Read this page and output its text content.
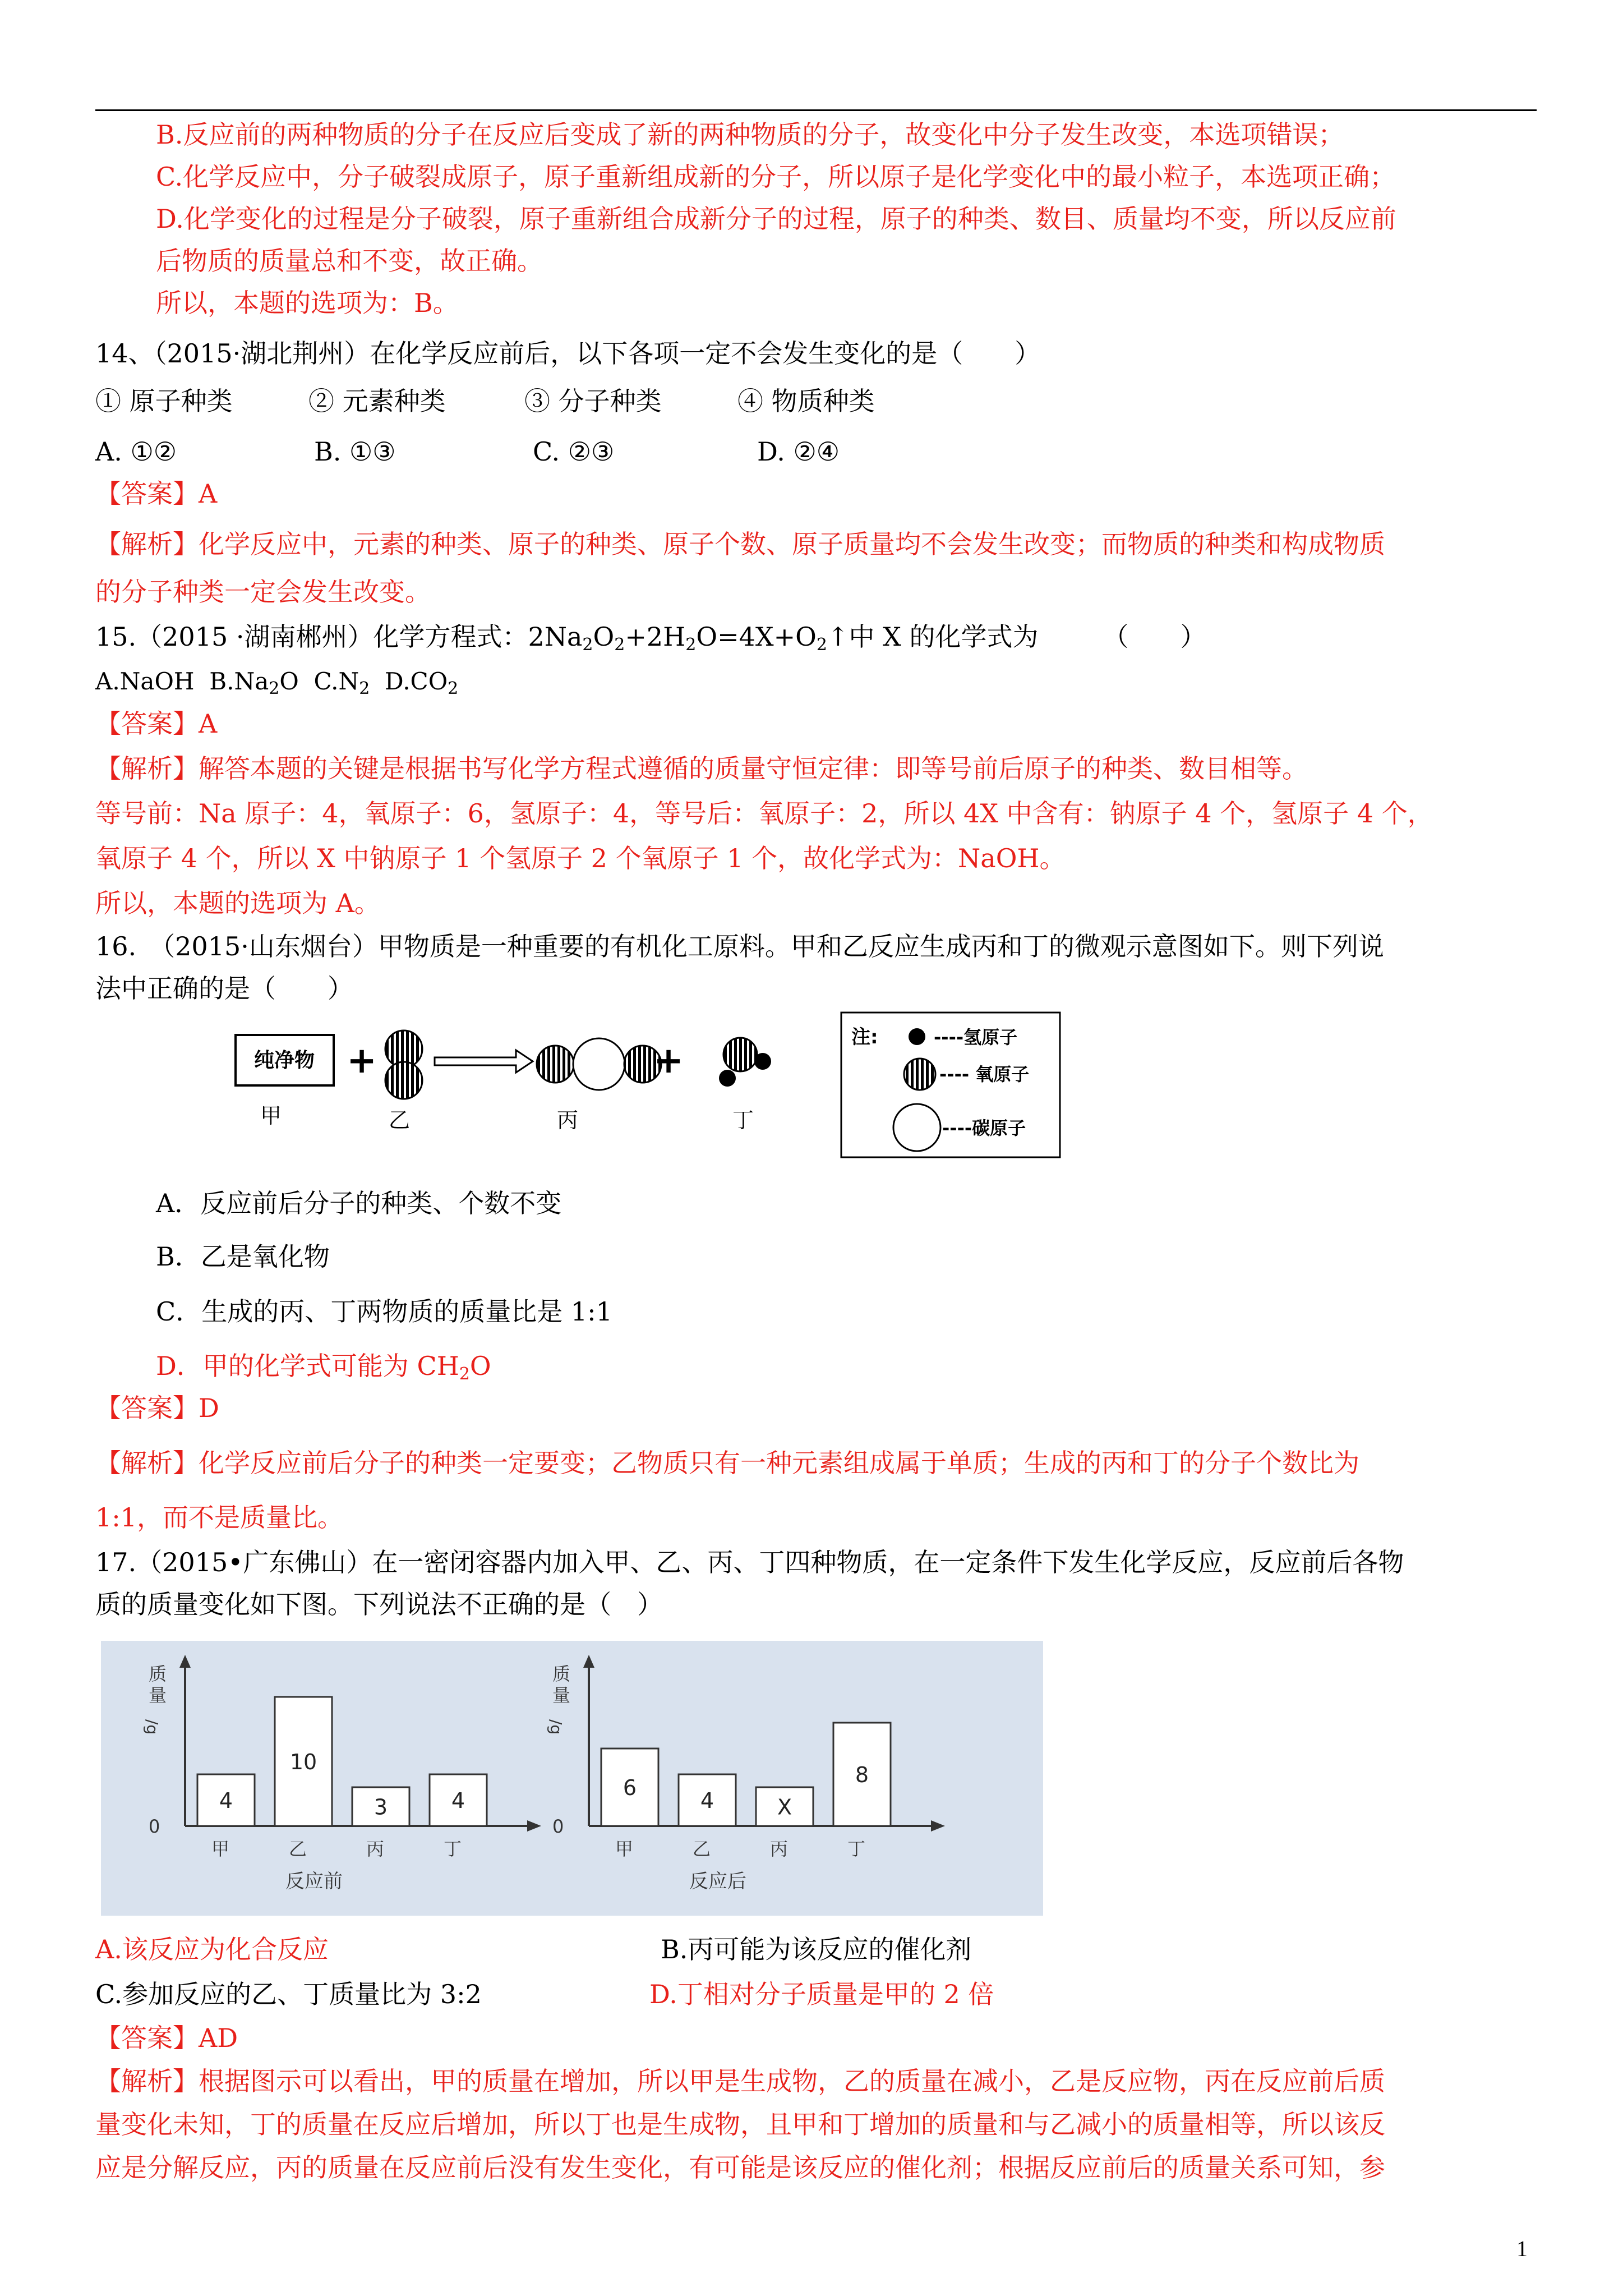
B.反应前的两种物质的分子在反应后变成了新的两种物质的分子，故变化中分子发生改变，本选项错误；
C.化学反应中，分子破裂成原子，原子重新组成新的分子，所以原子是化学变化中的最小粒子，本选项正确；
D.化学变化的过程是分子破裂，原子重新组合成新分子的过程，原子的种类、数目、质量均不变，所以反应前
后物质的质量总和不变，故正确。
所以，本题的选项为：B。
14、（2015·湖北荆州）在化学反应前后，以下各项一定不会发生变化的是（　　）
① 原子种类	② 元素种类	③ 分子种类	④ 物质种类
A. ①②	B. ①③	C. ②③	D. ②④
【答案】A
【解析】化学反应中，元素的种类、原子的种类、原子个数、原子质量均不会发生改变；而物质的种类和构成物质
的分子种类一定会发生改变。
15.（2015 ·湖南郴州）化学方程式：$2Na_2O_2+2H_2O=4X+O_2↑$中 X 的化学式为　　　（　　）
A.NaOH $B.Na_2O$ $C.N_2$ $D.CO_2$
【答案】A
【解析】解答本题的关键是根据书写化学方程式遵循的质量守恒定律：即等号前后原子的种类、数目相等。
等号前：Na 原子：4，氧原子：6，氢原子：4，等号后：氧原子：2，所以 4X 中含有：钠原子 4 个，氢原子 4 个，
氧原子 4 个，所以 X 中钠原子 1 个氢原子 2 个氧原子 1 个，故化学式为：NaOH。
所以，本题的选项为 A。
16.　（2015·山东烟台）甲物质是一种重要的有机化工原料。甲和乙反应生成丙和丁的微观示意图如下。则下列说
法中正确的是（　　）
纯净物 +	+
甲	乙	丙	丁
注:	----氢原子
---- 氧原子
----碳原子
A．反应前后分子的种类、个数不变
B．乙是氧化物
C．生成的丙、丁两物质的质量比是 1:1
D．甲的化学式可能为 $CH_2O$
【答案】D
【解析】化学反应前后分子的种类一定要变；乙物质只有一种元素组成属于单质；生成的丙和丁的分子个数比为
1:1，而不是质量比。
17.（2015•广东佛山）在一密闭容器内加入甲、乙、丙、丁四种物质，在一定条件下发生化学反应，反应前后各物
质的质量变化如下图。下列说法不正确的是（　）
质
量
/g
0
4
甲
10
乙
3
丙
4
丁
反应前
质
量
/g
0
6
甲
4
乙
X
丙
8
丁
反应后
A.该反应为化合反应	B.丙可能为该反应的催化剂
C.参加反应的乙、丁质量比为 3:2	D.丁相对分子质量是甲的 2 倍
【答案】AD
【解析】根据图示可以看出，甲的质量在增加，所以甲是生成物，乙的质量在减小，乙是反应物，丙在反应前后质
量变化未知，丁的质量在反应后增加，所以丁也是生成物，且甲和丁增加的质量和与乙减小的质量相等，所以该反
应是分解反应，丙的质量在反应前后没有发生变化，有可能是该反应的催化剂；根据反应前后的质量关系可知，参
1
